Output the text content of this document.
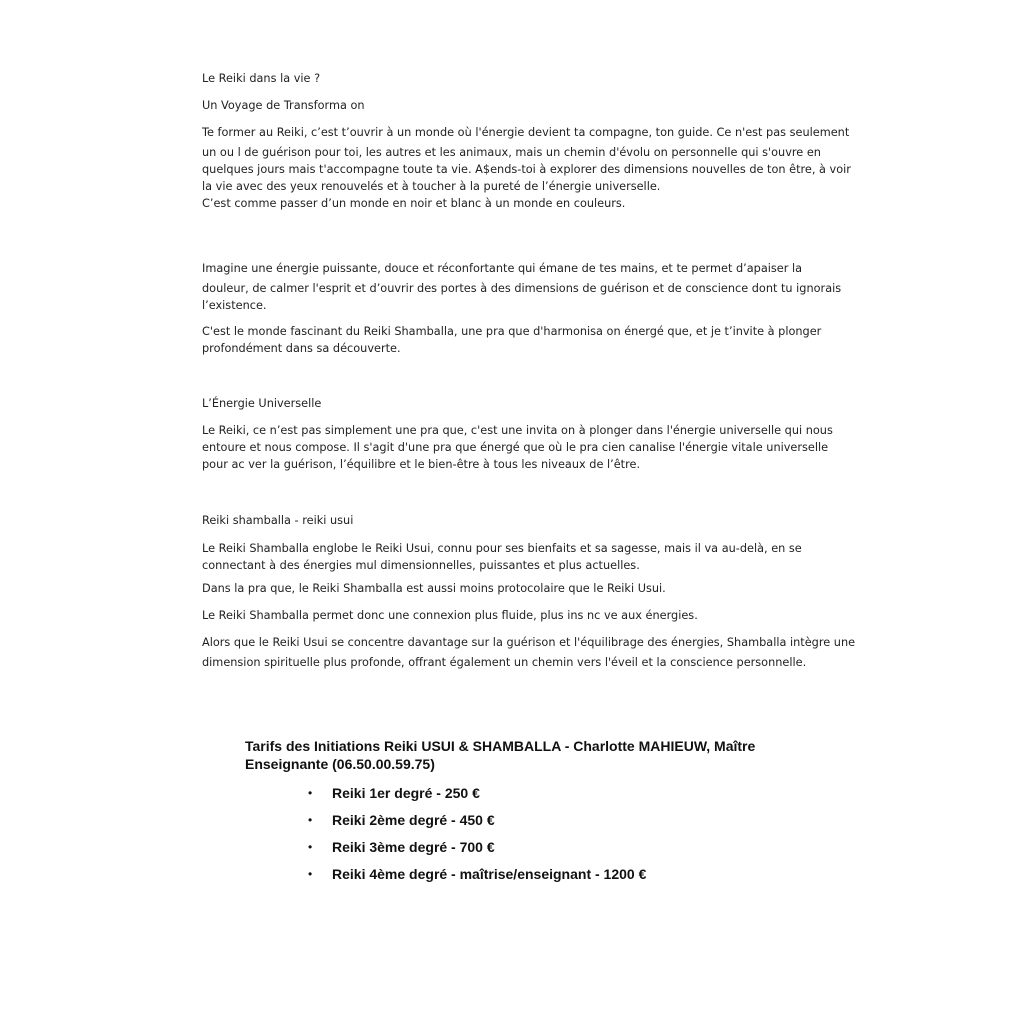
Le Reiki dans la vie ?

Un Voyage de Transforma on

Te former au Reiki, c’est t’ouvrir à un monde où l'énergie devient ta compagne, ton guide. Ce n'est pas seulement
un ou l de guérison pour toi, les autres et les animaux, mais un chemin d'évolu on personnelle qui s'ouvre en
quelques jours mais t'accompagne toute ta vie. A$ends-toi à explorer des dimensions nouvelles de ton être, à voir
la vie avec des yeux renouvelés et à toucher à la pureté de l’énergie universelle.
C’est comme passer d’un monde en noir et blanc à un monde en couleurs.
Imagine une énergie puissante, douce et réconfortante qui émane de tes mains, et te permet d’apaiser la
douleur, de calmer l'esprit et d’ouvrir des portes à des dimensions de guérison et de conscience dont tu ignorais
l’existence.
C'est le monde fascinant du Reiki Shamballa, une pra que d'harmonisa on énergé que, et je t’invite à plonger
profondément dans sa découverte.

L’Énergie Universelle

Le Reiki, ce n’est pas simplement une pra que, c'est une invita on à plonger dans l'énergie universelle qui nous
entoure et nous compose. Il s'agit d'une pra que énergé que où le pra cien canalise l'énergie vitale universelle
pour ac ver la guérison, l’équilibre et le bien-être à tous les niveaux de l’être.

Reiki shamballa - reiki usui

Le Reiki Shamballa englobe le Reiki Usui, connu pour ses bienfaits et sa sagesse, mais il va au-delà, en se
connectant à des énergies mul dimensionnelles, puissantes et plus actuelles.

Dans la pra que, le Reiki Shamballa est aussi moins protocolaire que le Reiki Usui.

Le Reiki Shamballa permet donc une connexion plus fluide, plus ins nc ve aux énergies.

Alors que le Reiki Usui se concentre davantage sur la guérison et l'équilibrage des énergies, Shamballa intègre une
dimension spirituelle plus profonde, offrant également un chemin vers l'éveil et la conscience personnelle.
Tarifs des Initiations Reiki USUI & SHAMBALLA - Charlotte MAHIEUW, Maître
Enseignante (06.50.00.59.75)
• Reiki 1er degré - 250 €
• Reiki 2ème degré - 450 €
• Reiki 3ème degré - 700 €
• Reiki 4ème degré - maîtrise/enseignant - 1200 €
